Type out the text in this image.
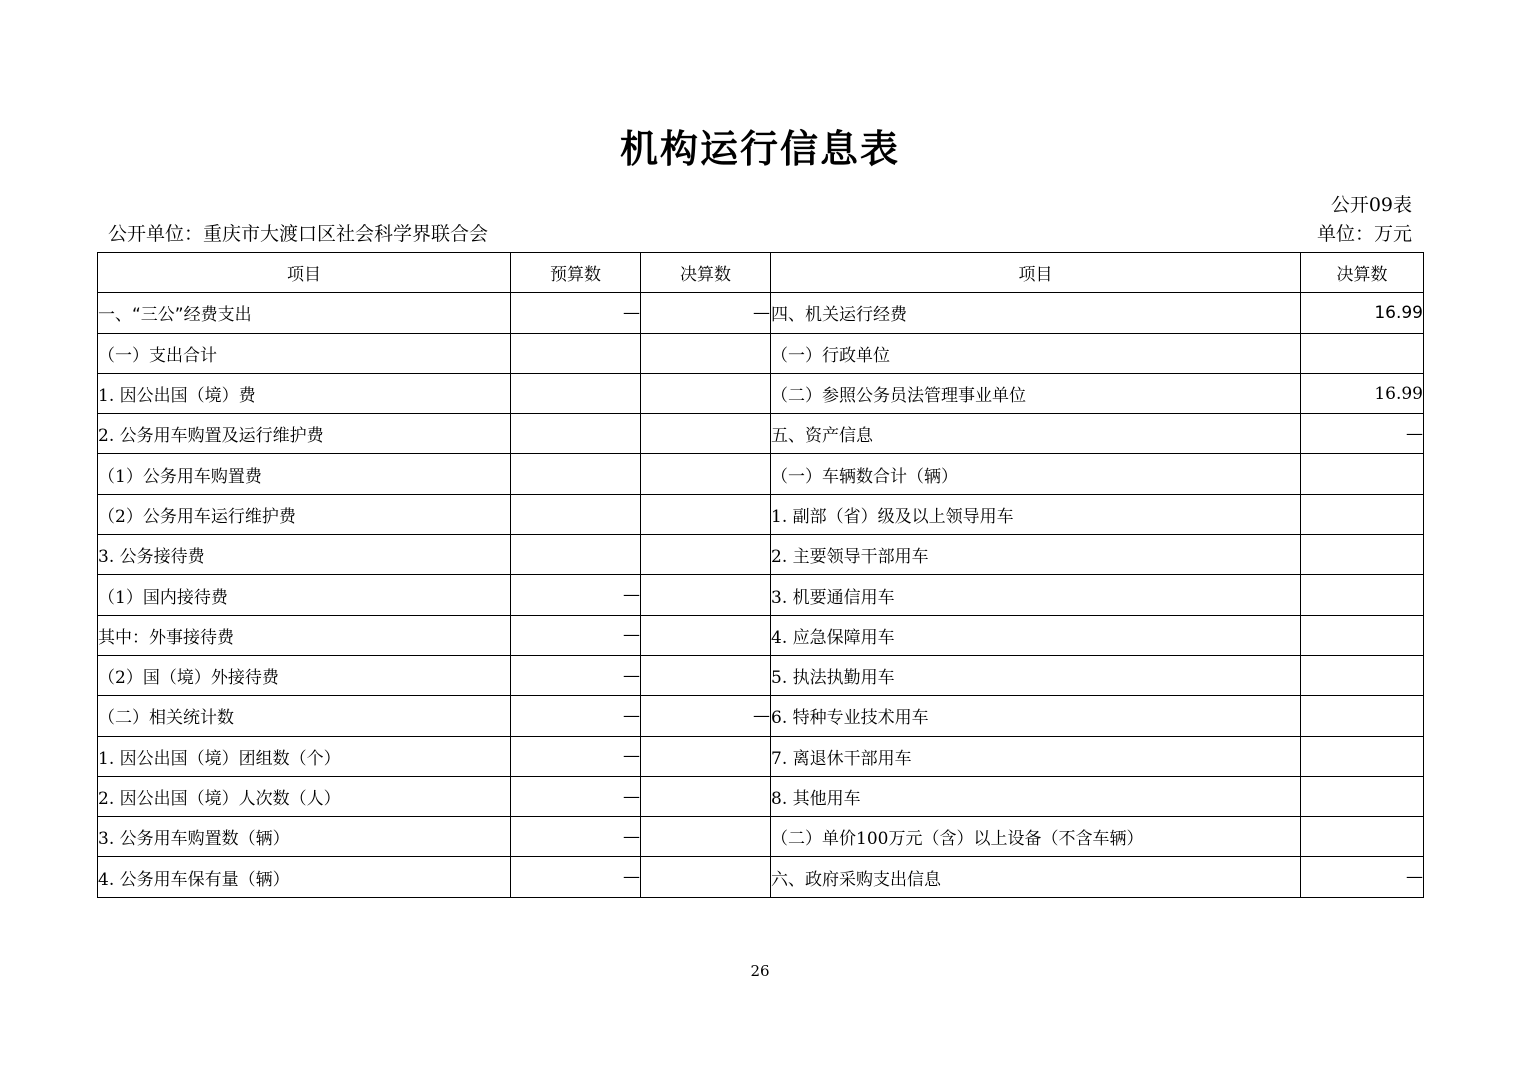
机构运行信息表
公开09表
单位：万元
公开单位：重庆市大渡口区社会科学界联合会
项目	预算数	决算数	项目	决算数
一、“三公”经费支出	—	—	四、机关运行经费	16.99
（一）支出合计			（一）行政单位	
1. 因公出国（境）费			（二）参照公务员法管理事业单位	16.99
2. 公务用车购置及运行维护费			五、资产信息	—
（1）公务用车购置费			（一）车辆数合计（辆）	
（2）公务用车运行维护费			1. 副部（省）级及以上领导用车	
3. 公务接待费			2. 主要领导干部用车	
（1）国内接待费	—		3. 机要通信用车	
其中：外事接待费	—		4. 应急保障用车	
（2）国（境）外接待费	—		5. 执法执勤用车	
（二）相关统计数	—	—	6. 特种专业技术用车	
1. 因公出国（境）团组数（个）	—		7. 离退休干部用车	
2. 因公出国（境）人次数（人）	—		8. 其他用车	
3. 公务用车购置数（辆）	—		（二）单价100万元（含）以上设备（不含车辆）	
4. 公务用车保有量（辆）	—		六、政府采购支出信息	—
26
